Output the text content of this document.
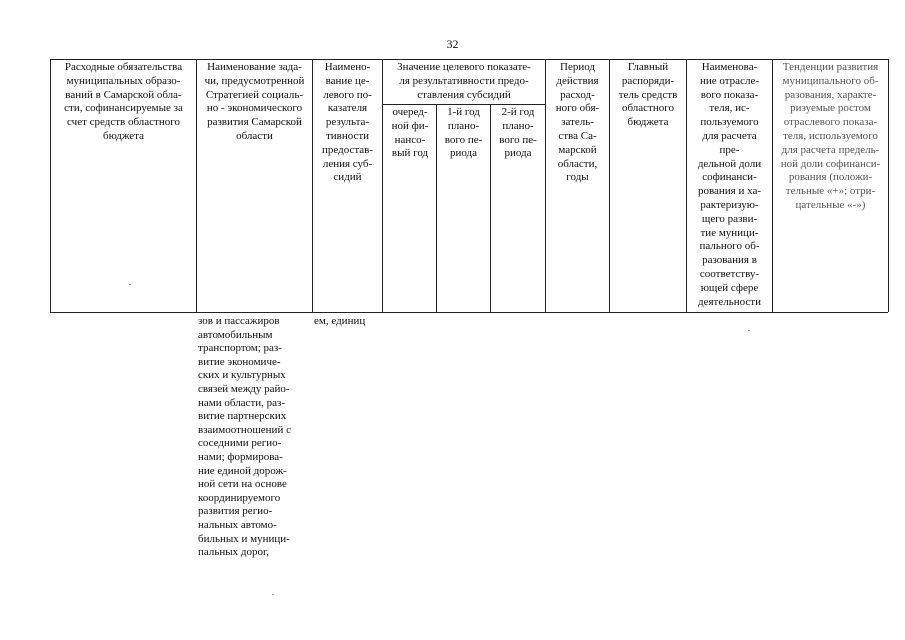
32
Расходные обязательства
муниципальных образо-
ваний в Самарской обла-
сти, софинансируемые за
счет средств областного
бюджета
Наименование зада-
чи, предусмотренной
Стратегией социаль-
но - экономического
развития Самарской
области
Наимено-
вание це-
левого по-
казателя
результа-
тивности
предостав-
ления суб-
сидий
Значение целевого показате-
ля результативности предо-
ставления субсидий
очеред-
ной фи-
нансо-
вый год
1-й год
плано-
вого пе-
риода
2-й год
плано-
вого пе-
риода
Период
действия
расход-
ного обя-
затель-
ства Са-
марской
области,
годы
Главный
распоряди-
тель средств
областного
бюджета
Наименова-
ние отрасле-
вого показа-
теля, ис-
пользуемого
для расчета
пре-
дельной доли
софинанси-
рования и ха-
рактеризую-
щего разви-
тие муници-
пального об-
разования в
соответству-
ющей сфере
деятельности
Тенденции развития
муниципального об-
разования, характе-
ризуемые ростом
отраслевого показа-
теля, используемого
для расчета предель-
ной доли софинанси-
рования (положи-
тельные «+»; отри-
цательные «-»)
зов и пассажиров
автомобильным
транспортом; раз-
витие экономиче-
ских и культурных
связей между райо-
нами области, раз-
витие партнерских
взаимоотношений с
соседними регио-
нами; формирова-
ние единой дорож-
ной сети на основе
координируемого
развития регио-
нальных автомо-
бильных и муници-
пальных дорог,
ем, единиц
